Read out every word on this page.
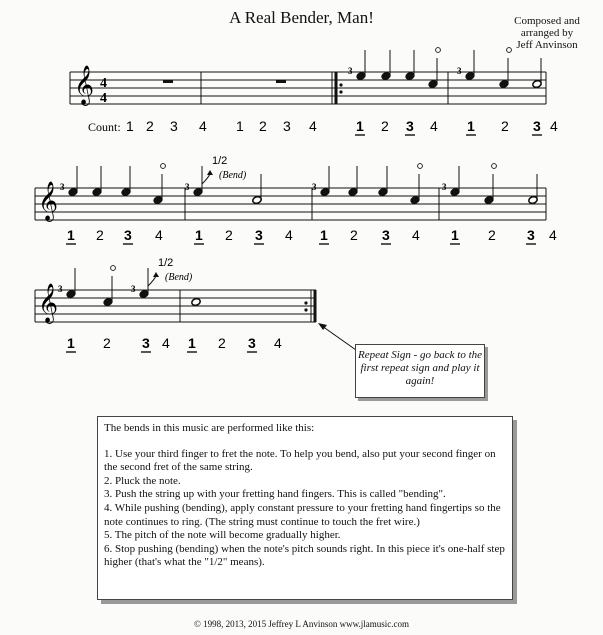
A Real Bender, Man!	Composed and
arranged by
Jeff Anvinson
𝄞 4
4
𝄞
𝄞
3	3
3	3
1/2
(Bend)
3	3
3	3
1/2
(Bend)
Count: 1 2 3 4 1 2 3 4	1 2 3 4 1 2 3 4
1 2 3 4 1 2 3 4 1 2 3 4 1 2 3 4
1 2 3 4 1 2 3 4
Repeat Sign - go back to the first repeat sign and play it again!

The bends in this music are performed like this:

1. Use your third finger to fret the note. To help you bend, also put your second finger on the second fret of the same string.

2. Pluck the note.

3. Push the string up with your fretting hand fingers. This is called "bending".

4. While pushing (bending), apply constant pressure to your fretting hand fingertips so the note continues to ring. (The string must continue to touch the fret wire.)

5. The pitch of the note will become gradually higher.

6. Stop pushing (bending) when the note's pitch sounds right. In this piece it's one-half step higher (that's what the "1/2" means).

© 1998, 2013, 2015 Jeffrey L Anvinson www.jlamusic.com
